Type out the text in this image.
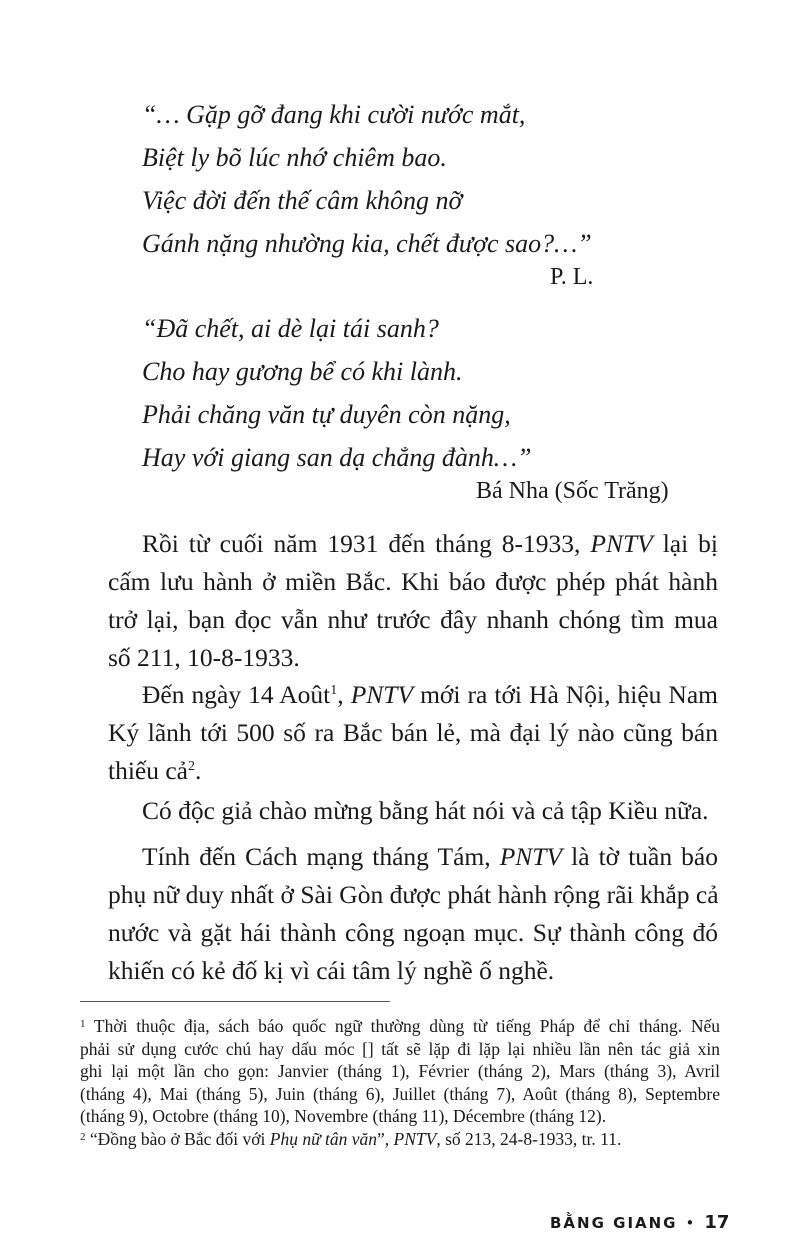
“… Gặp gỡ đang khi cười nước mắt,
Biệt ly bõ lúc nhớ chiêm bao.
Việc đời đến thế câm không nỡ
Gánh nặng nhường kia, chết được sao?…”
P. L.
“Đã chết, ai dè lại tái sanh?
Cho hay gương bể có khi lành.
Phải chăng văn tự duyên còn nặng,
Hay với giang san dạ chẳng đành…”
Bá Nha (Sốc Trăng)
Rồi từ cuối năm 1931 đến tháng 8-1933, PNTV lại bị
cấm lưu hành ở miền Bắc. Khi báo được phép phát hành
trở lại, bạn đọc vẫn như trước đây nhanh chóng tìm mua
số 211, 10-8-1933.
Đến ngày 14 Août$^1$, PNTV mới ra tới Hà Nội, hiệu Nam
Ký lãnh tới 500 số ra Bắc bán lẻ, mà đại lý nào cũng bán
thiếu cả$^2$.
Có độc giả chào mừng bằng hát nói và cả tập Kiều nữa.
Tính đến Cách mạng tháng Tám, PNTV là tờ tuần báo
phụ nữ duy nhất ở Sài Gòn được phát hành rộng rãi khắp cả
nước và gặt hái thành công ngoạn mục. Sự thành công đó
khiến có kẻ đố kị vì cái tâm lý nghề ố nghề.
$^1$ Thời thuộc địa, sách báo quốc ngữ thường dùng từ tiếng Pháp để chỉ tháng. Nếu
phải sử dụng cước chú hay dấu móc [] tất sẽ lặp đi lặp lại nhiều lần nên tác giả xin
ghi lại một lần cho gọn: Janvier (tháng 1), Février (tháng 2), Mars (tháng 3), Avril
(tháng 4), Mai (tháng 5), Juin (tháng 6), Juillet (tháng 7), Août (tháng 8), Septembre
(tháng 9), Octobre (tháng 10), Novembre (tháng 11), Décembre (tháng 12).
$^2$ “Đồng bào ở Bắc đối với Phụ nữ tân văn”, PNTV, số 213, 24-8-1933, tr. 11.
BẰNG GIANG • 17
